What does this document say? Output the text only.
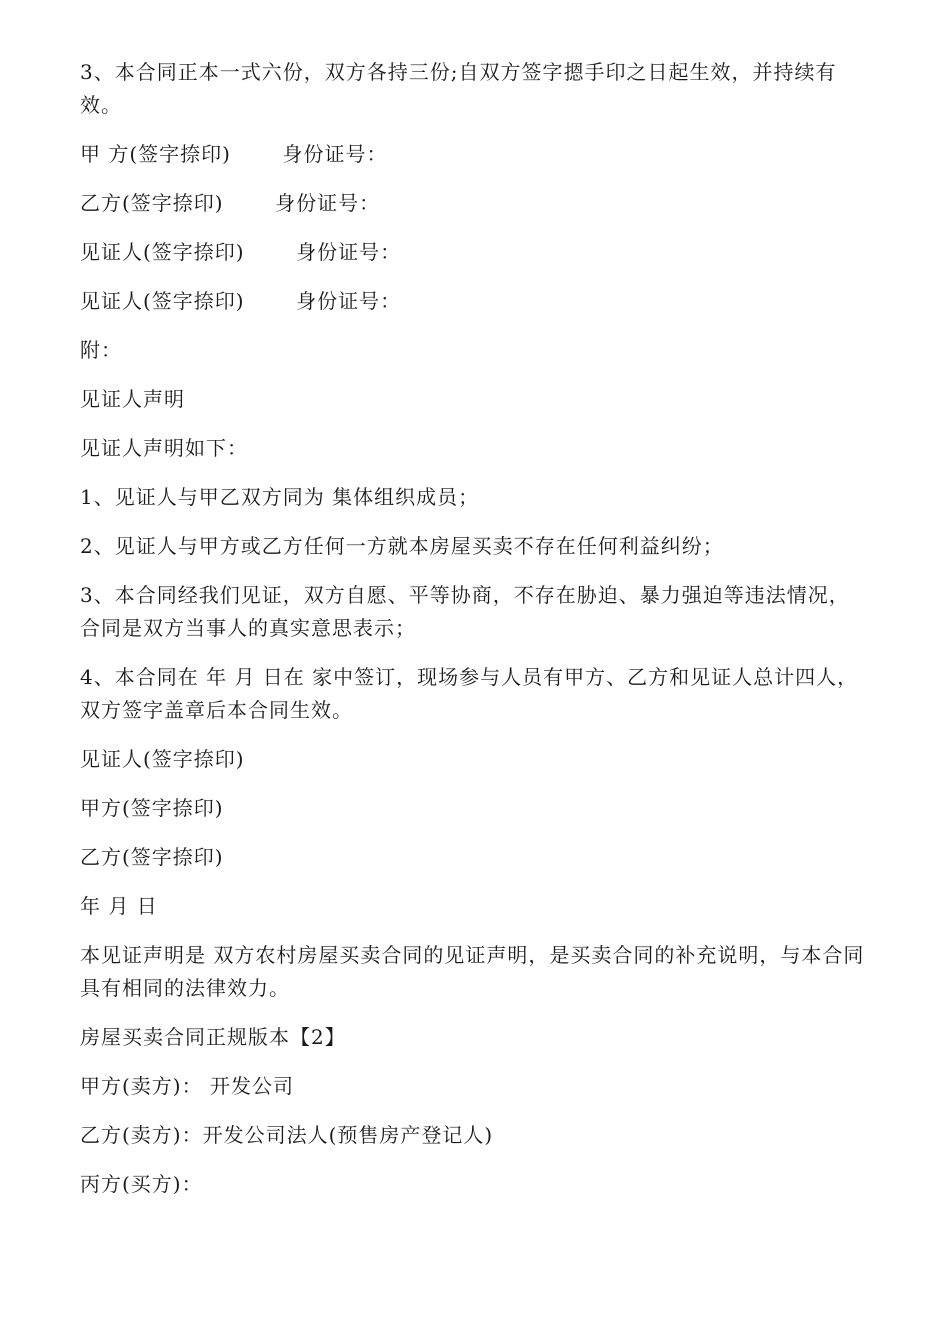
3、本合同正本一式六份，双方各持三份;自双方签字摁手印之日起生效，并持续有效。

甲 方(签字捺印)       身份证号：

乙方(签字捺印)       身份证号：

见证人(签字捺印)       身份证号：

见证人(签字捺印)       身份证号：

附：

见证人声明

见证人声明如下：

1、见证人与甲乙双方同为 集体组织成员；

2、见证人与甲方或乙方任何一方就本房屋买卖不存在任何利益纠纷；

3、本合同经我们见证，双方自愿、平等协商，不存在胁迫、暴力强迫等违法情况，合同是双方当事人的真实意思表示；

4、本合同在 年 月 日在 家中签订，现场参与人员有甲方、乙方和见证人总计四人，双方签字盖章后本合同生效。

见证人(签字捺印)

甲方(签字捺印)

乙方(签字捺印)

年 月 日

本见证声明是 双方农村房屋买卖合同的见证声明，是买卖合同的补充说明，与本合同具有相同的法律效力。

房屋买卖合同正规版本【2】

甲方(卖方)： 开发公司

乙方(卖方)：开发公司法人(预售房产登记人)

丙方(买方)：
